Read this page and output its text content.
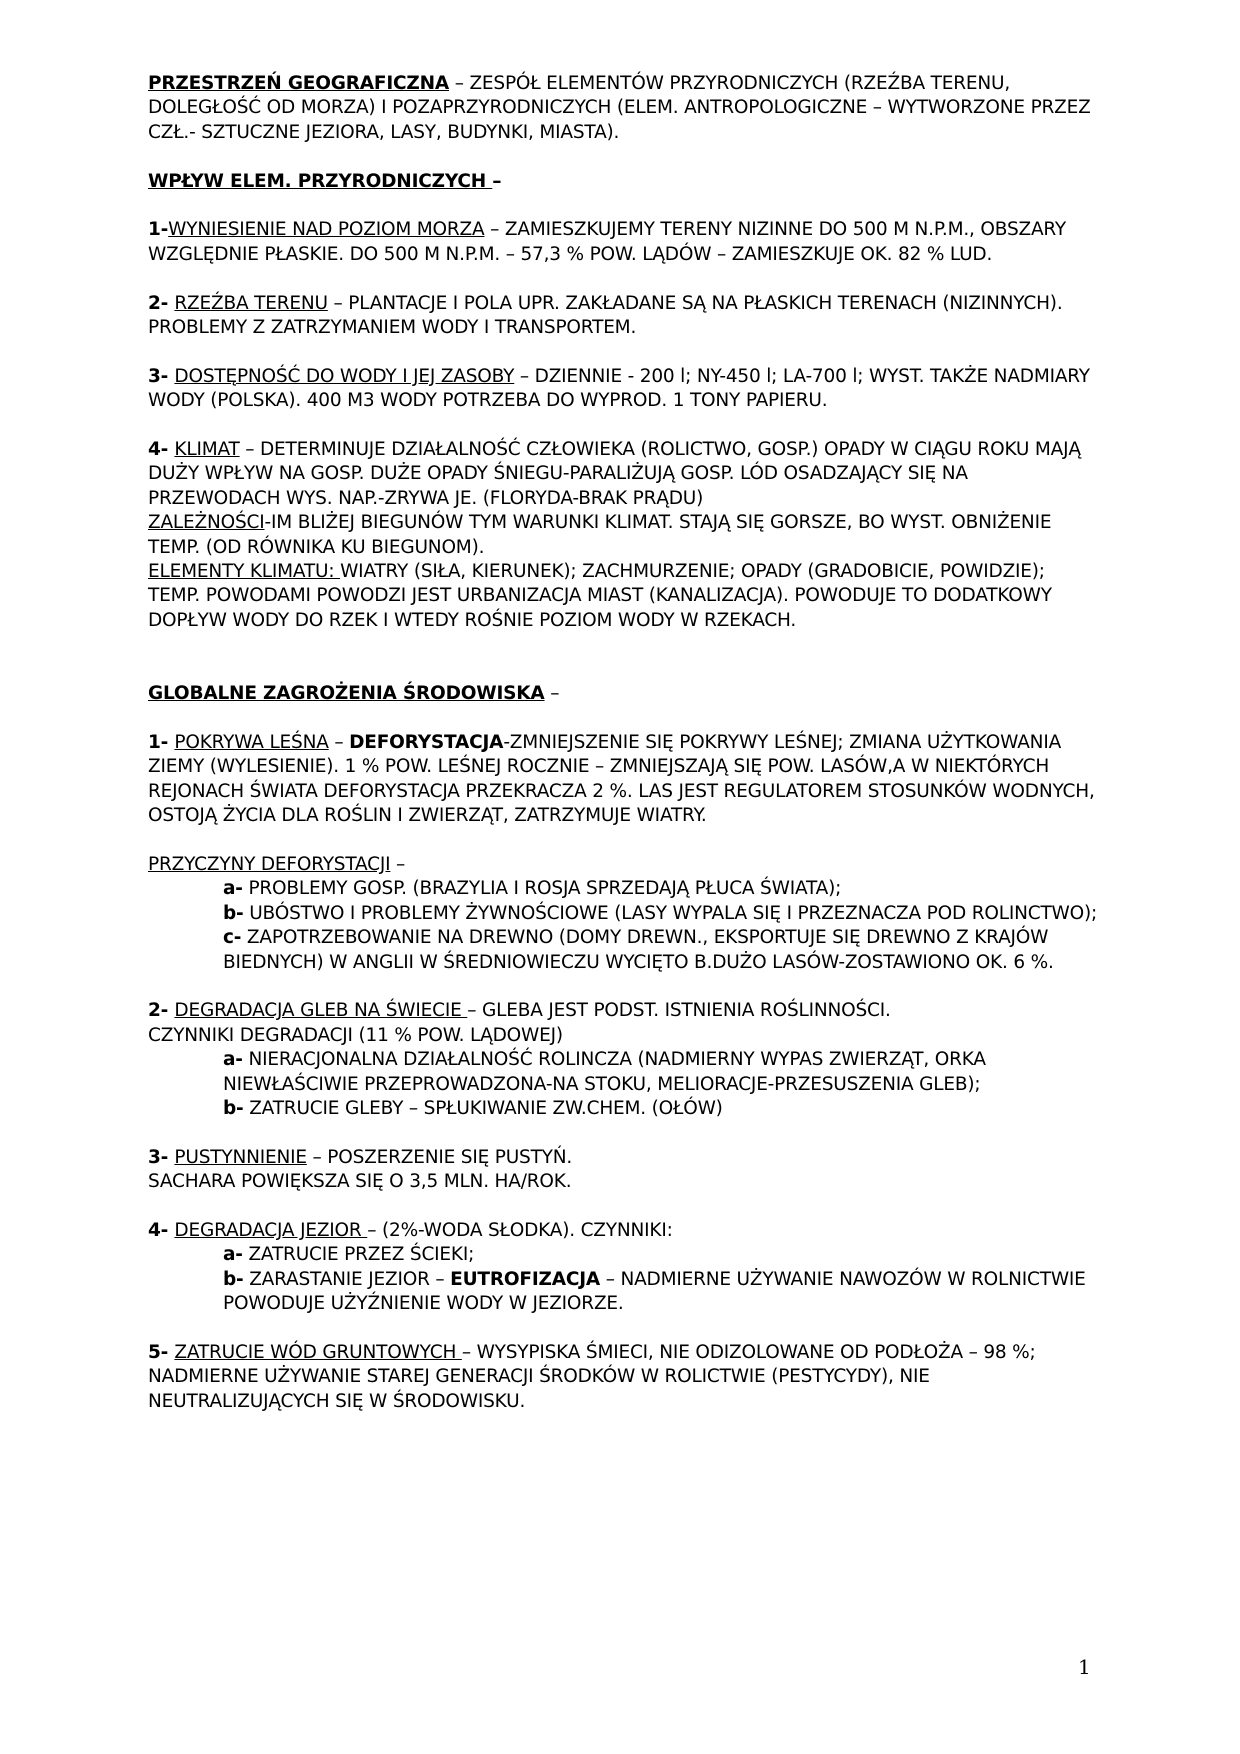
PRZESTRZEŃ GEOGRAFICZNA – ZESPÓŁ ELEMENTÓW PRZYRODNICZYCH (RZEŹBA TERENU, DOLEGŁOŚĆ OD MORZA) I POZAPRZYRODNICZYCH (ELEM. ANTROPOLOGICZNE – WYTWORZONE PRZEZ CZŁ.- SZTUCZNE JEZIORA, LASY, BUDYNKI, MIASTA).

WPŁYW ELEM. PRZYRODNICZYCH –

1-WYNIESIENIE NAD POZIOM MORZA – ZAMIESZKUJEMY TERENY NIZINNE DO 500 M N.P.M., OBSZARY WZGLĘDNIE PŁASKIE. DO 500 M N.P.M. – 57,3 % POW. LĄDÓW – ZAMIESZKUJE OK. 82 % LUD.

2- RZEŹBA TERENU – PLANTACJE I POLA UPR. ZAKŁADANE SĄ NA PŁASKICH TERENACH (NIZINNYCH). PROBLEMY Z ZATRZYMANIEM WODY I TRANSPORTEM.

3- DOSTĘPNOŚĆ DO WODY I JEJ ZASOBY – DZIENNIE - 200 l; NY-450 l; LA-700 l; WYST. TAKŻE NADMIARY WODY (POLSKA). 400 M3 WODY POTRZEBA DO WYPROD. 1 TONY PAPIERU.

4- KLIMAT – DETERMINUJE DZIAŁALNOŚĆ CZŁOWIEKA (ROLICTWO, GOSP.) OPADY W CIĄGU ROKU MAJĄ DUŻY WPŁYW NA GOSP. DUŻE OPADY ŚNIEGU-PARALIŻUJĄ GOSP. LÓD OSADZAJĄCY SIĘ NA PRZEWODACH WYS. NAP.-ZRYWA JE. (FLORYDA-BRAK PRĄDU)
ZALEŻNOŚCI-IM BLIŻEJ BIEGUNÓW TYM WARUNKI KLIMAT. STAJĄ SIĘ GORSZE, BO WYST. OBNIŻENIE TEMP. (OD RÓWNIKA KU BIEGUNOM).
ELEMENTY KLIMATU: WIATRY (SIŁA, KIERUNEK); ZACHMURZENIE; OPADY (GRADOBICIE, POWIDZIE); TEMP. POWODAMI POWODZI JEST URBANIZACJA MIAST (KANALIZACJA). POWODUJE TO DODATKOWY DOPŁYW WODY DO RZEK I WTEDY ROŚNIE POZIOM WODY W RZEKACH.

GLOBALNE ZAGROŻENIA ŚRODOWISKA –

1- POKRYWA LEŚNA – DEFORYSTACJA-ZMNIEJSZENIE SIĘ POKRYWY LEŚNEJ; ZMIANA UŻYTKOWANIA ZIEMY (WYLESIENIE). 1 % POW. LEŚNEJ ROCZNIE – ZMNIEJSZAJĄ SIĘ POW. LASÓW,A W NIEKTÓRYCH REJONACH ŚWIATA DEFORYSTACJA PRZEKRACZA 2 %. LAS JEST REGULATOREM STOSUNKÓW WODNYCH, OSTOJĄ ŻYCIA DLA ROŚLIN I ZWIERZĄT, ZATRZYMUJE WIATRY.

PRZYCZYNY DEFORYSTACJI –

a- PROBLEMY GOSP. (BRAZYLIA I ROSJA SPRZEDAJĄ PŁUCA ŚWIATA);

b- UBÓSTWO I PROBLEMY ŻYWNOŚCIOWE (LASY WYPALA SIĘ I PRZEZNACZA POD ROLINCTWO);

c- ZAPOTRZEBOWANIE NA DREWNO (DOMY DREWN., EKSPORTUJE SIĘ DREWNO Z KRAJÓW BIEDNYCH) W ANGLII W ŚREDNIOWIECZU WYCIĘTO B.DUŻO LASÓW-ZOSTAWIONO OK. 6 %.

2- DEGRADACJA GLEB NA ŚWIECIE – GLEBA JEST PODST. ISTNIENIA ROŚLINNOŚCI.

CZYNNIKI DEGRADACJI (11 % POW. LĄDOWEJ)

a- NIERACJONALNA DZIAŁALNOŚĆ ROLINCZA (NADMIERNY WYPAS ZWIERZĄT, ORKA NIEWŁAŚCIWIE PRZEPROWADZONA-NA STOKU, MELIORACJE-PRZESUSZENIA GLEB);

b- ZATRUCIE GLEBY – SPŁUKIWANIE ZW.CHEM. (OŁÓW)

3- PUSTYNNIENIE – POSZERZENIE SIĘ PUSTYŃ.

SACHARA POWIĘKSZA SIĘ O 3,5 MLN. HA/ROK.

4- DEGRADACJA JEZIOR – (2%-WODA SŁODKA). CZYNNIKI:

a- ZATRUCIE PRZEZ ŚCIEKI;

b- ZARASTANIE JEZIOR – EUTROFIZACJA – NADMIERNE UŻYWANIE NAWOZÓW W ROLNICTWIE POWODUJE UŻYŹNIENIE WODY W JEZIORZE.

5- ZATRUCIE WÓD GRUNTOWYCH – WYSYPISKA ŚMIECI, NIE ODIZOLOWANE OD PODŁOŻA – 98 %; NADMIERNE UŻYWANIE STAREJ GENERACJI ŚRODKÓW W ROLICTWIE (PESTYCYDY), NIE NEUTRALIZUJĄCYCH SIĘ W ŚRODOWISKU.

1
